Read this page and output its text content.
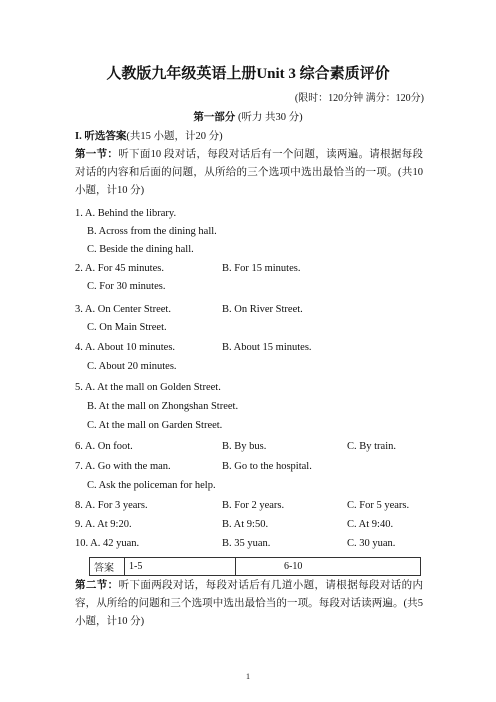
人教版九年级英语上册Unit 3 综合素质评价
(限时：120分钟 满分：120分)
第一部分 (听力 共30 分)
I. 听选答案(共15 小题，计20 分)
第一节：听下面10 段对话，每段对话后有一个问题，读两遍。请根据每段对话的内容和后面的问题，从所给的三个选项中选出最恰当的一项。(共10 小题，计10 分)
1. A. Behind the library.
B. Across from the dining hall.
C. Beside the dining hall.
2. A. For 45 minutes.	B. For 15 minutes.
C. For 30 minutes.
3. A. On Center Street.	B. On River Street.
C. On Main Street.
4. A. About 10 minutes.	B. About 15 minutes.
C. About 20 minutes.
5. A. At the mall on Golden Street.
B. At the mall on Zhongshan Street.
C. At the mall on Garden Street.
6. A. On foot.	B. By bus.	C. By train.
7. A. Go with the man.	B. Go to the hospital.
C. Ask the policeman for help.
8. A. For 3 years.	B. For 2 years.	C. For 5 years.
9. A. At 9:20.	B. At 9:50.	C. At 9:40.
10. A. 42 yuan.	B. 35 yuan.	C. 30 yuan.
答案	1-5	6-10
第二节：听下面两段对话，每段对话后有几道小题，请根据每段对话的内容，从所给的问题和三个选项中选出最恰当的一项。每段对话读两遍。(共5 小题，计10 分)
1
